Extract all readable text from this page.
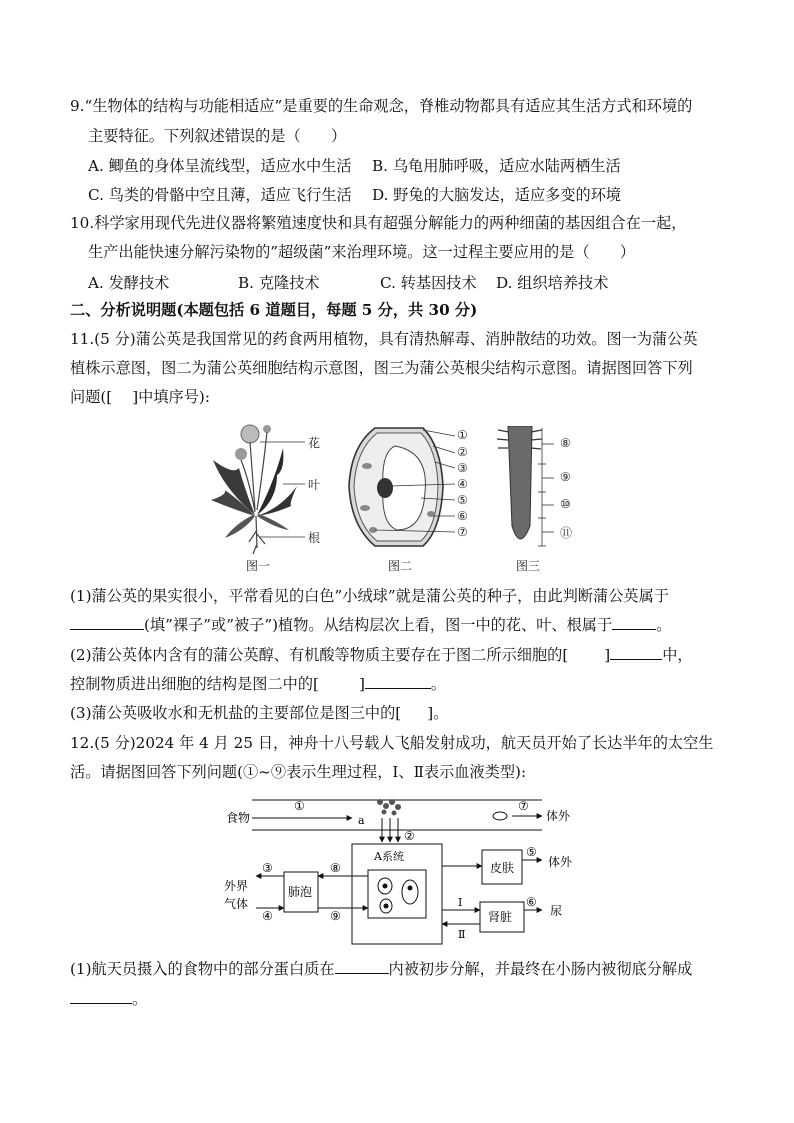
9.“生物体的结构与功能相适应”是重要的生命观念，脊椎动物都具有适应其生活方式和环境的
主要特征。下列叙述错误的是（　　）
A. 鲫鱼的身体呈流线型，适应水中生活 B. 乌龟用肺呼吸，适应水陆两栖生活
C. 鸟类的骨骼中空且薄，适应飞行生活 D. 野兔的大脑发达，适应多变的环境
10.科学家用现代先进仪器将繁殖速度快和具有超强分解能力的两种细菌的基因组合在一起，
生产出能快速分解污染物的”超级菌”来治理环境。这一过程主要应用的是（　　）
A. 发酵技术	B. 克隆技术	C. 转基因技术 D. 组织培养技术
二、分析说明题(本题包括 6 道题目，每题 5 分，共 30 分)
11.(5 分)蒲公英是我国常见的药食两用植物，具有清热解毒、消肿散结的功效。图一为蒲公英
植株示意图，图二为蒲公英细胞结构示意图，图三为蒲公英根尖结构示意图。请据图回答下列
问题([ ]中填序号):
花
叶
根
图一
①
②
③
④
⑤
⑥
⑦
图二
⑧
⑨
⑩
⑪
图三
(1)蒲公英的果实很小，平常看见的白色”小绒球”就是蒲公英的种子，由此判断蒲公英属于
(填”裸子”或”被子”)植物。从结构层次上看，图一中的花、叶、根属于	。
(2)蒲公英体内含有的蒲公英醇、有机酸等物质主要存在于图二所示细胞的[ ]	中，
控制物质进出细胞的结构是图二中的[	]	。
(3)蒲公英吸收水和无机盐的主要部位是图三中的[ ]。
12.(5 分)2024 年 4 月 25 日，神舟十八号载人飞船发射成功，航天员开始了长达半年的太空生
活。请据图回答下列问题(①~⑨表示生理过程，Ⅰ、Ⅱ表示血液类型):
食物
①
a
②
⑦
体外
A系统
外界
气体
③
④
肺泡
⑧
⑨
皮肤
⑤
体外
肾脏
⑥
尿
Ⅰ
Ⅱ
(1)航天员摄入的食物中的部分蛋白质在	内被初步分解，并最终在小肠内被彻底分解成
。
